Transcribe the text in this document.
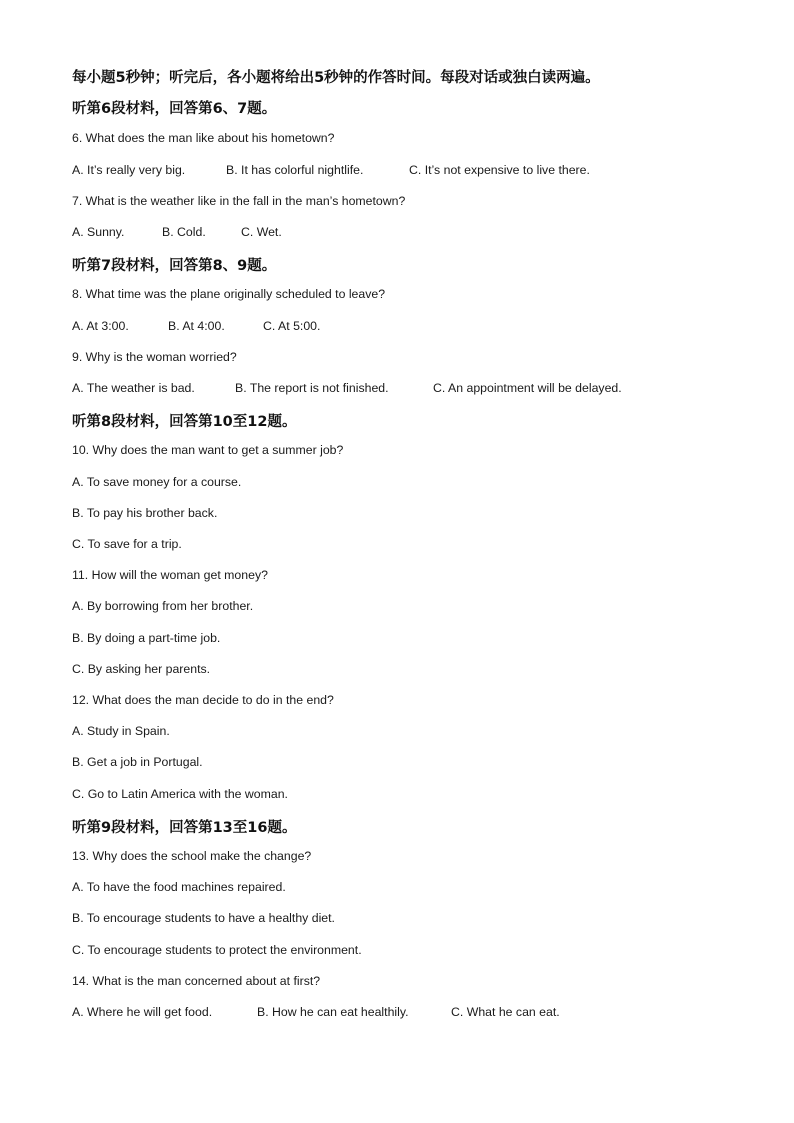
每小题5秒钟；听完后，各小题将给出5秒钟的作答时间。每段对话或独白读两遍。
听第6段材料，回答第6、7题。
6. What does the man like about his hometown?
A. It’s really very big.	B. It has colorful nightlife.	C. It’s not expensive to live there.
7. What is the weather like in the fall in the man’s hometown?
A. Sunny.	B. Cold.	C. Wet.
听第7段材料，回答第8、9题。
8. What time was the plane originally scheduled to leave?
A. At 3:00.	B. At 4:00.	C. At 5:00.
9. Why is the woman worried?
A. The weather is bad.	B. The report is not finished.	C. An appointment will be delayed.
听第8段材料，回答第10至12题。
10. Why does the man want to get a summer job?
A. To save money for a course.
B. To pay his brother back.
C. To save for a trip.
11. How will the woman get money?
A. By borrowing from her brother.
B. By doing a part-time job.
C. By asking her parents.
12. What does the man decide to do in the end?
A. Study in Spain.
B. Get a job in Portugal.
C. Go to Latin America with the woman.
听第9段材料，回答第13至16题。
13. Why does the school make the change?
A. To have the food machines repaired.
B. To encourage students to have a healthy diet.
C. To encourage students to protect the environment.
14. What is the man concerned about at first?
A. Where he will get food.	B. How he can eat healthily.	C. What he can eat.
